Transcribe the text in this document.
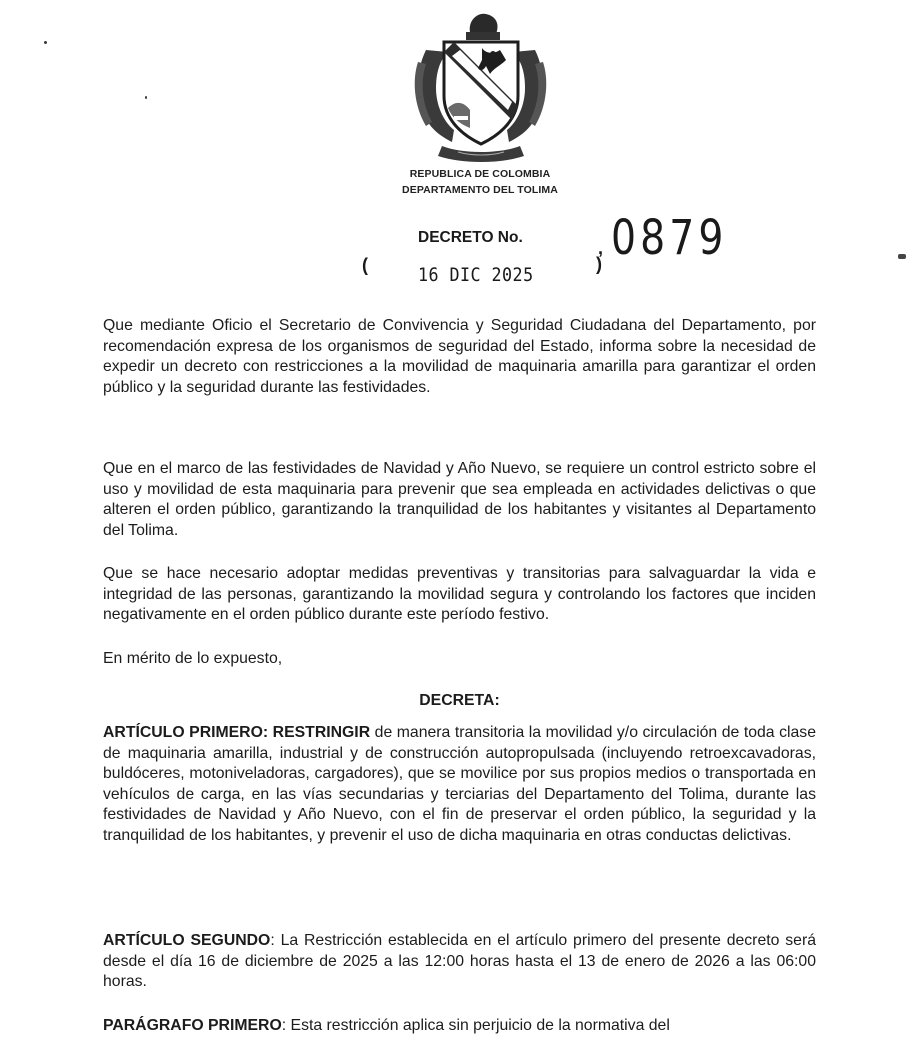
REPUBLICA DE COLOMBIA
DEPARTAMENTO DEL TOLIMA
DECRETO No.
(	16 DIC 2025	)
, 0879
Que mediante Oficio el Secretario de Convivencia y Seguridad Ciudadana del Departamento, por recomendación expresa de los organismos de seguridad del Estado, informa sobre la necesidad de expedir un decreto con restricciones a la movilidad de maquinaria amarilla para garantizar el orden público y la seguridad durante las festividades.
Que en el marco de las festividades de Navidad y Año Nuevo, se requiere un control estricto sobre el uso y movilidad de esta maquinaria para prevenir que sea empleada en actividades delictivas o que alteren el orden público, garantizando la tranquilidad de los habitantes y visitantes al Departamento del Tolima.
Que se hace necesario adoptar medidas preventivas y transitorias para salvaguardar la vida e integridad de las personas, garantizando la movilidad segura y controlando los factores que inciden negativamente en el orden público durante este período festivo.
En mérito de lo expuesto,
DECRETA:
ARTÍCULO PRIMERO: RESTRINGIR de manera transitoria la movilidad y/o circulación de toda clase de maquinaria amarilla, industrial y de construcción autopropulsada (incluyendo retroexcavadoras, buldóceres, motoniveladoras, cargadores), que se movilice por sus propios medios o transportada en vehículos de carga, en las vías secundarias y terciarias del Departamento del Tolima, durante las festividades de Navidad y Año Nuevo, con el fin de preservar el orden público, la seguridad y la tranquilidad de los habitantes, y prevenir el uso de dicha maquinaria en otras conductas delictivas.
ARTÍCULO SEGUNDO: La Restricción establecida en el artículo primero del presente decreto será desde el día 16 de diciembre de 2025 a las 12:00 horas hasta el 13 de enero de 2026 a las 06:00 horas.
PARÁGRAFO PRIMERO: Esta restricción aplica sin perjuicio de la normativa del
